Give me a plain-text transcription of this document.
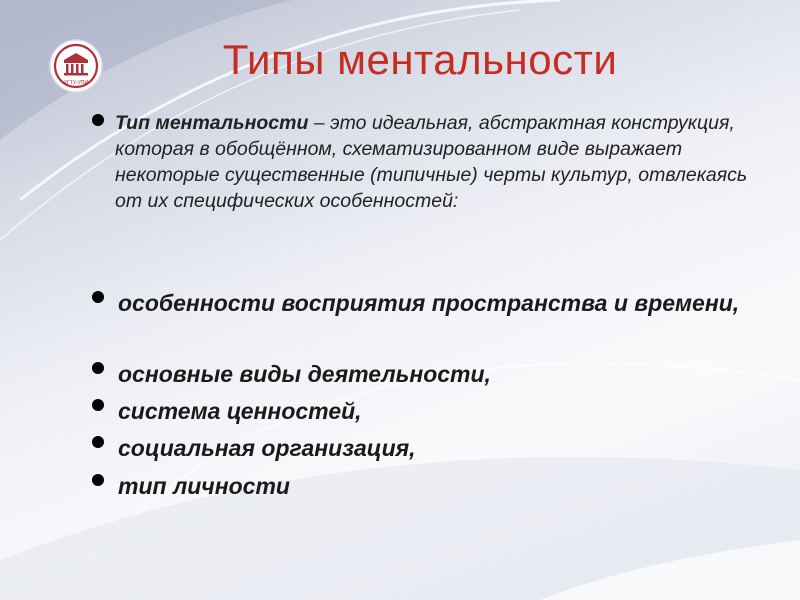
УГТУ-УПИ	Типы ментальности
Тип ментальности – это идеальная, абстрактная конструкция, которая в обобщённом, схематизированном виде выражает некоторые существенные (типичные) черты культур, отвлекаясь от их специфических особенностей:
особенности восприятия пространства и времени,
основные виды деятельности,
система ценностей,
социальная организация,
тип личности
